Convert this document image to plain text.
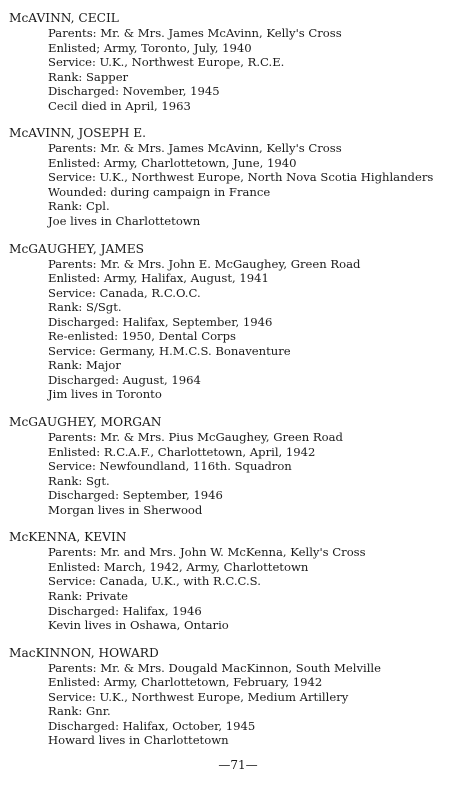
McAVINN, CECIL
Parents: Mr. & Mrs. James McAvinn, Kelly's Cross
Enlisted; Army, Toronto, July, 1940
Service: U.K., Northwest Europe, R.C.E.
Rank: Sapper
Discharged: November, 1945
Cecil died in April, 1963
McAVINN, JOSEPH E.
Parents: Mr. & Mrs. James McAvinn, Kelly's Cross
Enlisted: Army, Charlottetown, June, 1940
Service: U.K., Northwest Europe, North Nova Scotia Highlanders
Wounded: during campaign in France
Rank: Cpl.
Joe lives in Charlottetown
McGAUGHEY, JAMES
Parents: Mr. & Mrs. John E. McGaughey, Green Road
Enlisted: Army, Halifax, August, 1941
Service: Canada, R.C.O.C.
Rank: S/Sgt.
Discharged: Halifax, September, 1946
Re-enlisted: 1950, Dental Corps
Service: Germany, H.M.C.S. Bonaventure
Rank: Major
Discharged: August, 1964
Jim lives in Toronto
McGAUGHEY, MORGAN
Parents: Mr. & Mrs. Pius McGaughey, Green Road
Enlisted: R.C.A.F., Charlottetown, April, 1942
Service: Newfoundland, 116th. Squadron
Rank: Sgt.
Discharged: September, 1946
Morgan lives in Sherwood
McKENNA, KEVIN
Parents: Mr. and Mrs. John W. McKenna, Kelly's Cross
Enlisted: March, 1942, Army, Charlottetown
Service: Canada, U.K., with R.C.C.S.
Rank: Private
Discharged: Halifax, 1946
Kevin lives in Oshawa, Ontario
MacKINNON, HOWARD
Parents: Mr. & Mrs. Dougald MacKinnon, South Melville
Enlisted: Army, Charlottetown, February, 1942
Service: U.K., Northwest Europe, Medium Artillery
Rank: Gnr.
Discharged: Halifax, October, 1945
Howard lives in Charlottetown
—71—
